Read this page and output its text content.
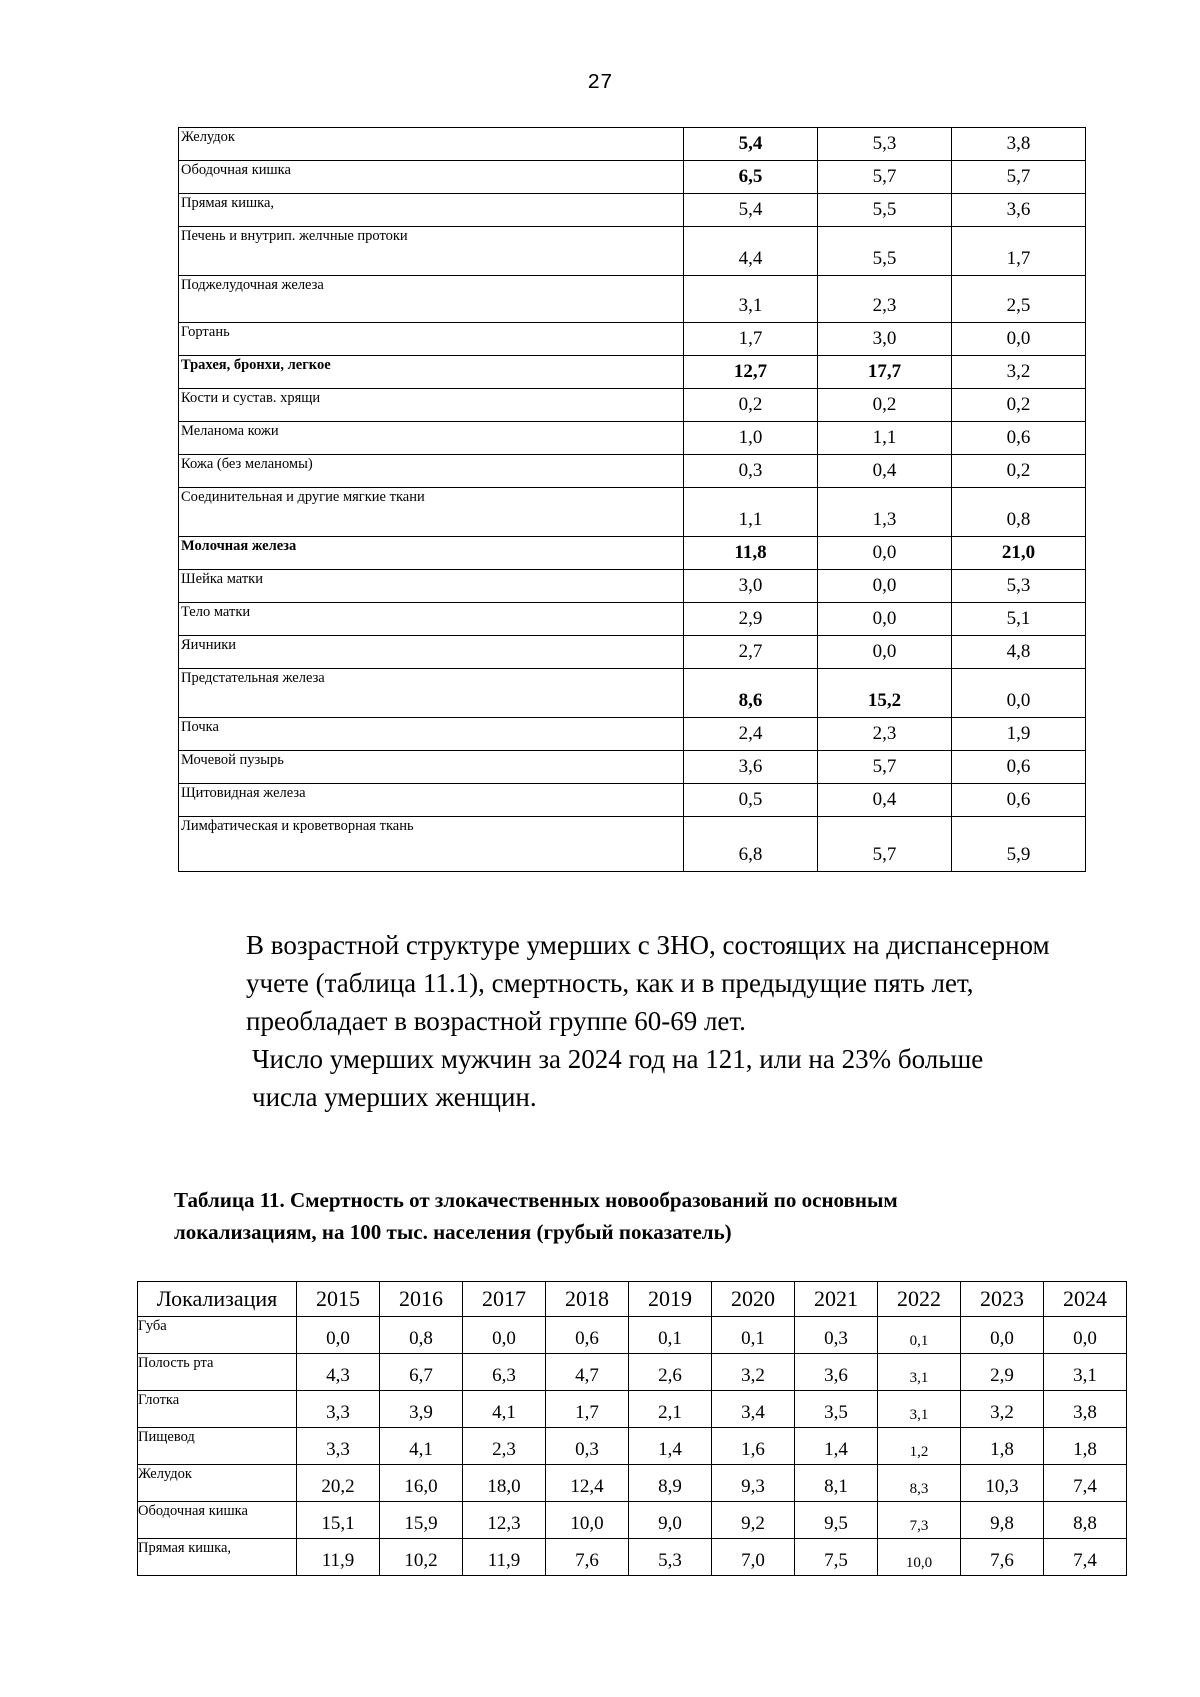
27
Желудок	5,4	5,3	3,8
Ободочная кишка	6,5	5,7	5,7
Прямая кишка,	5,4	5,5	3,6
Печень и внутрип. желчные протоки	4,4	5,5	1,7
Поджелудочная железа	3,1	2,3	2,5
Гортань	1,7	3,0	0,0
Трахея, бронхи, легкое	12,7	17,7	3,2
Кости и сустав. хрящи	0,2	0,2	0,2
Меланома кожи	1,0	1,1	0,6
Кожа (без меланомы)	0,3	0,4	0,2
Соединительная и другие мягкие ткани	1,1	1,3	0,8
Молочная железа	11,8	0,0	21,0
Шейка матки	3,0	0,0	5,3
Тело матки	2,9	0,0	5,1
Яичники	2,7	0,0	4,8
Предстательная железа	8,6	15,2	0,0
Почка	2,4	2,3	1,9
Мочевой пузырь	3,6	5,7	0,6
Щитовидная железа	0,5	0,4	0,6
Лимфатическая и кроветворная ткань	6,8	5,7	5,9

В возрастной структуре умерших с ЗНО, состоящих на диспансерном
учете (таблица 11.1), смертность, как и в предыдущие пять лет,
преобладает в возрастной группе 60-69 лет.

Число умерших мужчин за 2024 год на 121, или на 23% больше
числа умерших женщин.

Таблица 11. Смертность от злокачественных новообразований по основным
локализациям, на 100 тыс. населения (грубый показатель)
Локализация	2015	2016	2017	2018	2019	2020	2021	2022	2023	2024
Губа	0,0	0,8	0,0	0,6	0,1	0,1	0,3	0,1	0,0	0,0
Полость рта	4,3	6,7	6,3	4,7	2,6	3,2	3,6	3,1	2,9	3,1
Глотка	3,3	3,9	4,1	1,7	2,1	3,4	3,5	3,1	3,2	3,8
Пищевод	3,3	4,1	2,3	0,3	1,4	1,6	1,4	1,2	1,8	1,8
Желудок	20,2	16,0	18,0	12,4	8,9	9,3	8,1	8,3	10,3	7,4
Ободочная кишка	15,1	15,9	12,3	10,0	9,0	9,2	9,5	7,3	9,8	8,8
Прямая кишка,	11,9	10,2	11,9	7,6	5,3	7,0	7,5	10,0	7,6	7,4
